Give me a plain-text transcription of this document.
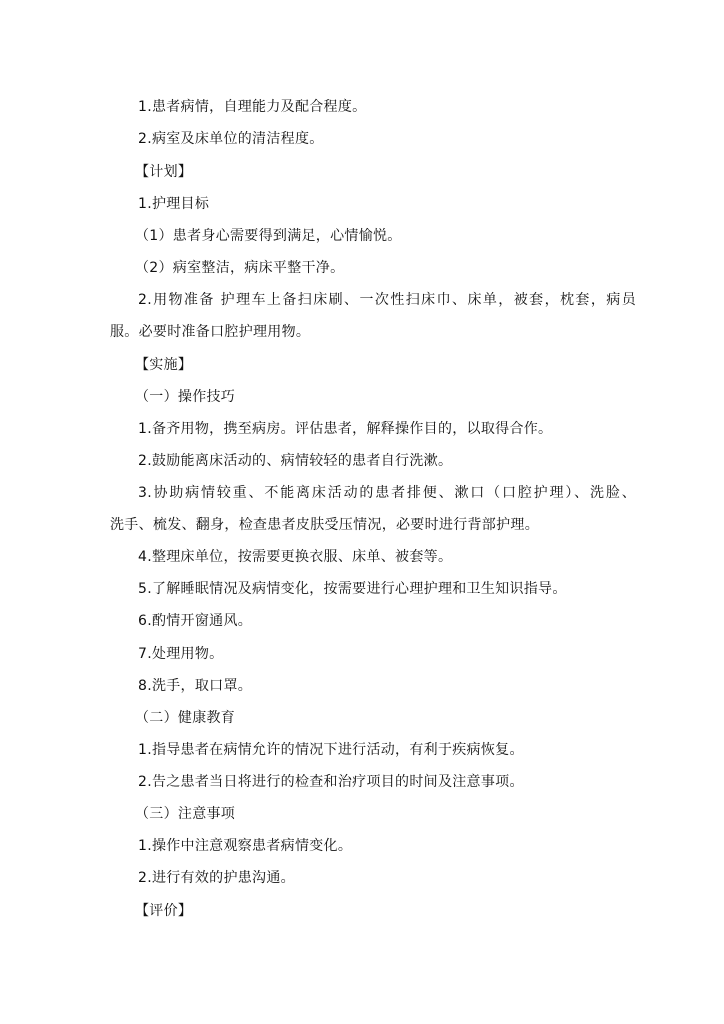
1.患者病情，自理能力及配合程度。
2.病室及床单位的清洁程度。
【计划】
1.护理目标
（1）患者身心需要得到满足，心情愉悦。
（2）病室整洁，病床平整干净。
2.用物准备 护理车上备扫床刷、一次性扫床巾、床单，被套，枕套，病员
服。必要时准备口腔护理用物。
【实施】
（一）操作技巧
1.备齐用物，携至病房。评估患者，解释操作目的，以取得合作。
2.鼓励能离床活动的、病情较轻的患者自行洗漱。
3.协助病情较重、不能离床活动的患者排便、漱口（口腔护理）、洗脸、
洗手、梳发、翻身，检查患者皮肤受压情况，必要时进行背部护理。
4.整理床单位，按需要更换衣服、床单、被套等。
5.了解睡眠情况及病情变化，按需要进行心理护理和卫生知识指导。
6.酌情开窗通风。
7.处理用物。
8.洗手，取口罩。
（二）健康教育
1.指导患者在病情允许的情况下进行活动，有利于疾病恢复。
2.告之患者当日将进行的检查和治疗项目的时间及注意事项。
（三）注意事项
1.操作中注意观察患者病情变化。
2.进行有效的护患沟通。
【评价】
